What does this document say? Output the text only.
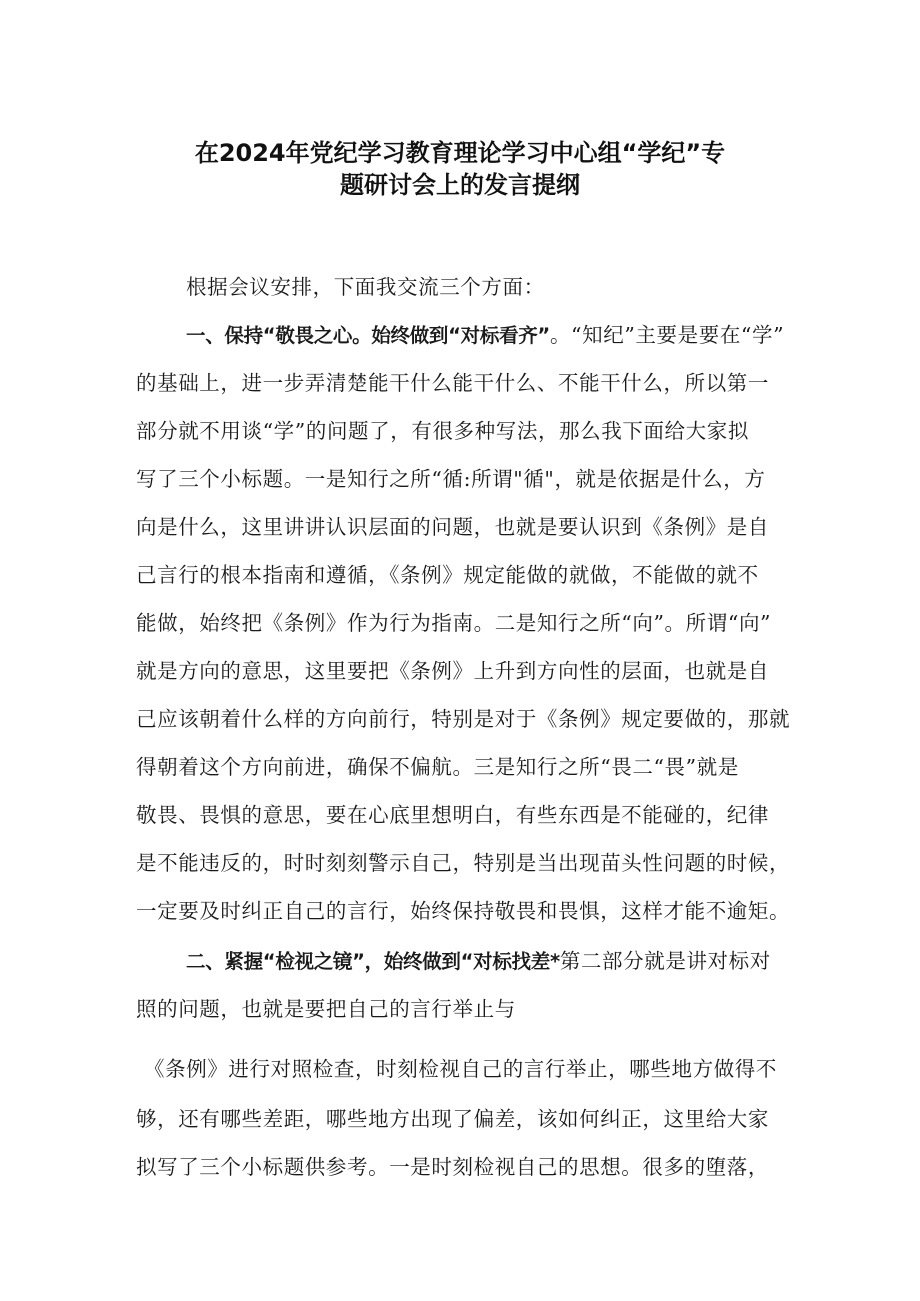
在2024年党纪学习教育理论学习中心组“学纪”专
题研讨会上的发言提纲
根据会议安排，下面我交流三个方面：
一、保持“敬畏之心。始终做到“对标看齐”。“知纪”主要是要在“学”
的基础上，进一步弄清楚能干什么能干什么、不能干什么，所以第一
部分就不用谈“学”的问题了，有很多种写法，那么我下面给大家拟
写了三个小标题。一是知行之所“循:所谓"循"，就是依据是什么，方
向是什么，这里讲讲认识层面的问题，也就是要认识到《条例》是自
己言行的根本指南和遵循，《条例》规定能做的就做，不能做的就不
能做，始终把《条例》作为行为指南。二是知行之所“向”。所谓“向”
就是方向的意思，这里要把《条例》上升到方向性的层面，也就是自
己应该朝着什么样的方向前行，特别是对于《条例》规定要做的，那就
得朝着这个方向前进，确保不偏航。三是知行之所“畏二“畏”就是
敬畏、畏惧的意思，要在心底里想明白，有些东西是不能碰的，纪律
是不能违反的，时时刻刻警示自己，特别是当出现苗头性问题的时候，
一定要及时纠正自己的言行，始终保持敬畏和畏惧，这样才能不逾矩。
二、紧握“检视之镜”，始终做到“对标找差*第二部分就是讲对标对
照的问题，也就是要把自己的言行举止与
《条例》进行对照检查，时刻检视自己的言行举止，哪些地方做得不
够，还有哪些差距，哪些地方出现了偏差，该如何纠正，这里给大家
拟写了三个小标题供参考。一是时刻检视自己的思想。很多的堕落，
